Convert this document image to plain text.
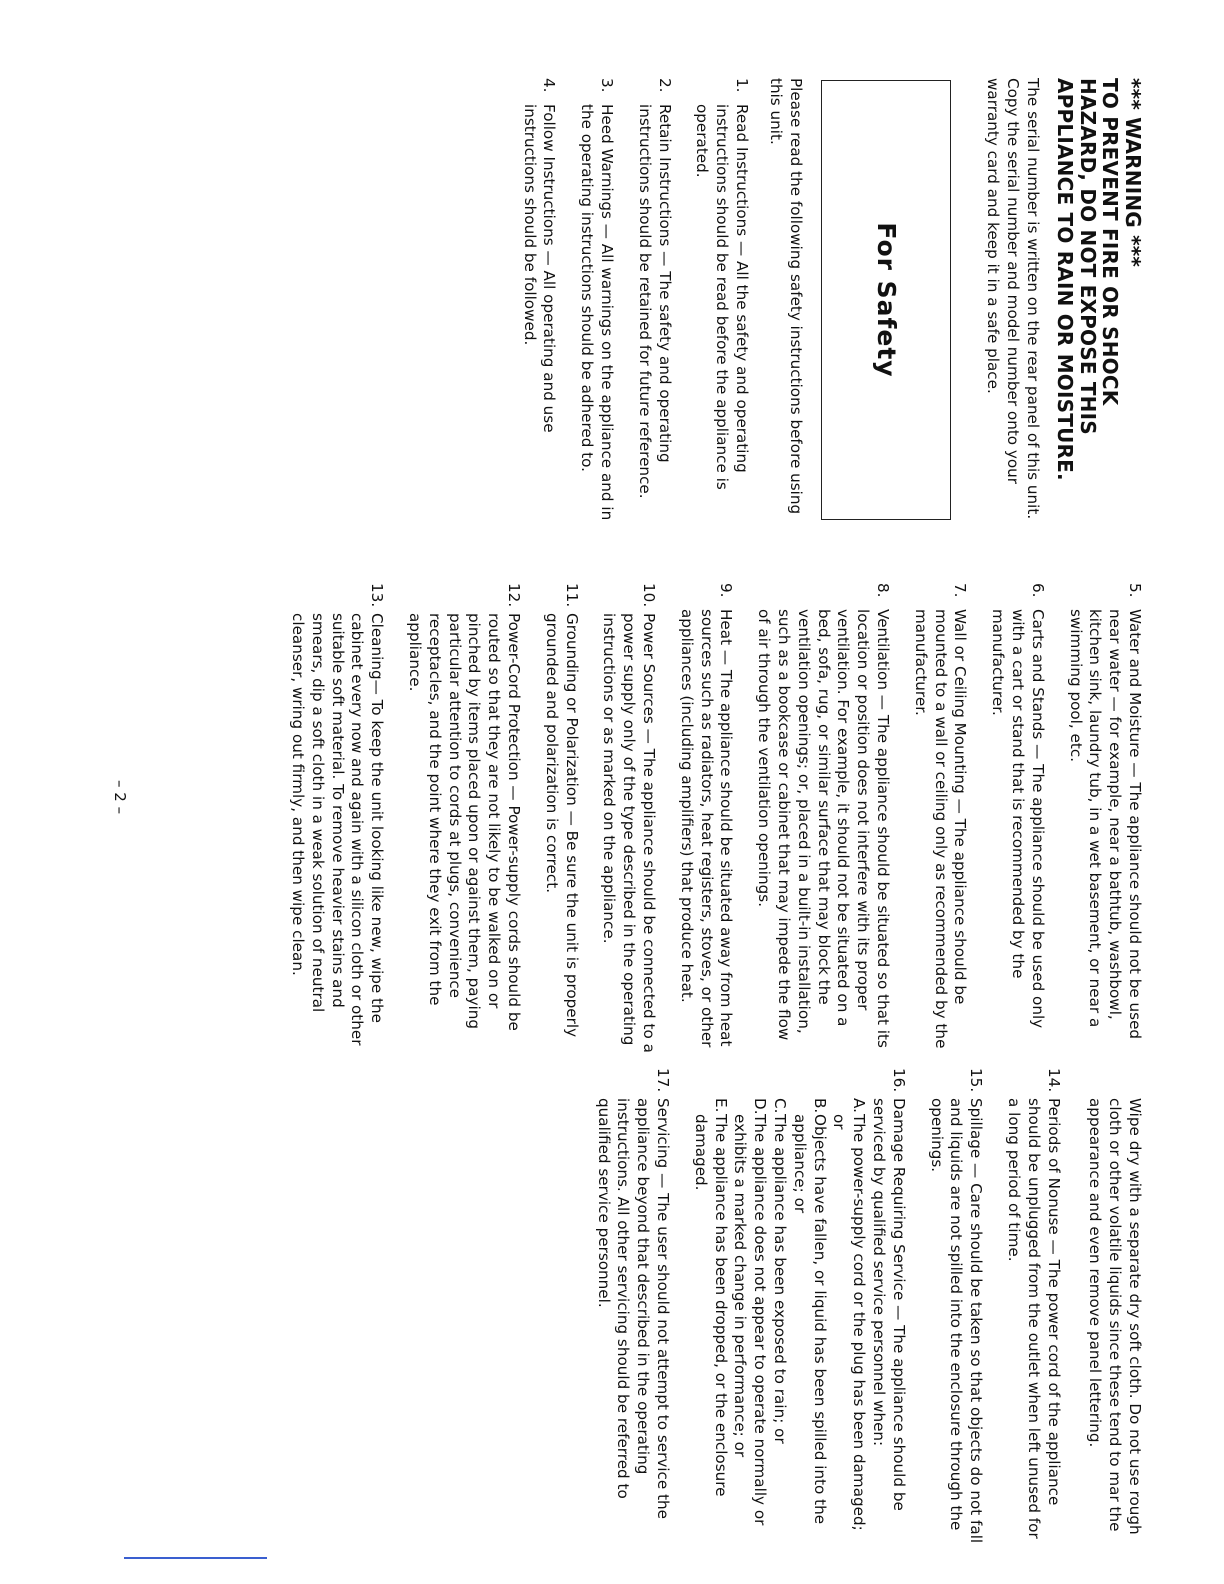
*** WARNING ***
TO PREVENT FIRE OR SHOCK
HAZARD, DO NOT EXPOSE THIS
APPLIANCE TO RAIN OR MOISTURE.

The serial number is written on the rear panel of this unit. Copy the serial number and model number onto your warranty card and keep it in a safe place.

For Safety

Please read the following safety instructions before using this unit.

1.
Read Instructions — All the safety and operating instructions should be read before the appliance is operated.
2.
Retain Instructions — The safety and operating instructions should be retained for future reference.
3.
Heed Warnings — All warnings on the appliance and in the operating instructions should be adhered to.
4.
Follow Instructions — All operating and use instructions should be followed.
5.
Water and Moisture — The appliance should not be used near water — for example, near a bathtub, washbowl, kitchen sink, laundry tub, in a wet basement, or near a swimming pool, etc.
6.
Carts and Stands — The appliance should be used only with a cart or stand that is recommended by the manufacturer.
7.
Wall or Ceiling Mounting — The appliance should be mounted to a wall or ceiling only as recommended by the manufacturer.
8.
Ventilation — The appliance should be situated so that its location or position does not interfere with its proper ventilation. For example, it should not be situated on a bed, sofa, rug, or similar surface that may block the ventilation openings; or, placed in a built-in installation, such as a bookcase or cabinet that may impede the flow of air through the ventilation openings.
9.
Heat — The appliance should be situated away from heat sources such as radiators, heat registers, stoves, or other appliances (including amplifiers) that produce heat.
10.
Power Sources — The appliance should be connected to a power supply only of the type described in the operating instructions or as marked on the appliance.
11.
Grounding or Polarization — Be sure the unit is properly grounded and polarization is correct.
12.
Power-Cord Protection — Power-supply cords should be routed so that they are not likely to be walked on or pinched by items placed upon or against them, paying particular attention to cords at plugs, convenience receptacles, and the point where they exit from the appliance.
13.
Cleaning— To keep the unit looking like new, wipe the cabinet every now and again with a silicon cloth or other suitable soft material. To remove heavier stains and smears, dip a soft cloth in a weak solution of neutral cleanser, wring out firmly, and then wipe clean.

Wipe dry with a separate dry soft cloth. Do not use rough cloth or other volatile liquids since these tend to mar the appearance and even remove panel lettering.

14.
Periods of Nonuse — The power cord of the appliance should be unplugged from the outlet when left unused for a long period of time.
15.
Spillage — Care should be taken so that objects do not fall and liquids are not spilled into the enclosure through the openings.
16.
Damage Requiring Service — The appliance should be serviced by qualified service personnel when:
A.
The power-supply cord or the plug has been damaged; or
B.
Objects have fallen, or liquid has been spilled into the appliance; or
C.
The appliance has been exposed to rain; or
D.
The appliance does not appear to operate normally or exhibits a marked change in performance; or
E.
The appliance has been dropped, or the enclosure damaged.
17.
Servicing — The user should not attempt to service the appliance beyond that described in the operating instructions. All other servicing should be referred to qualified service personnel.
– 2 –
